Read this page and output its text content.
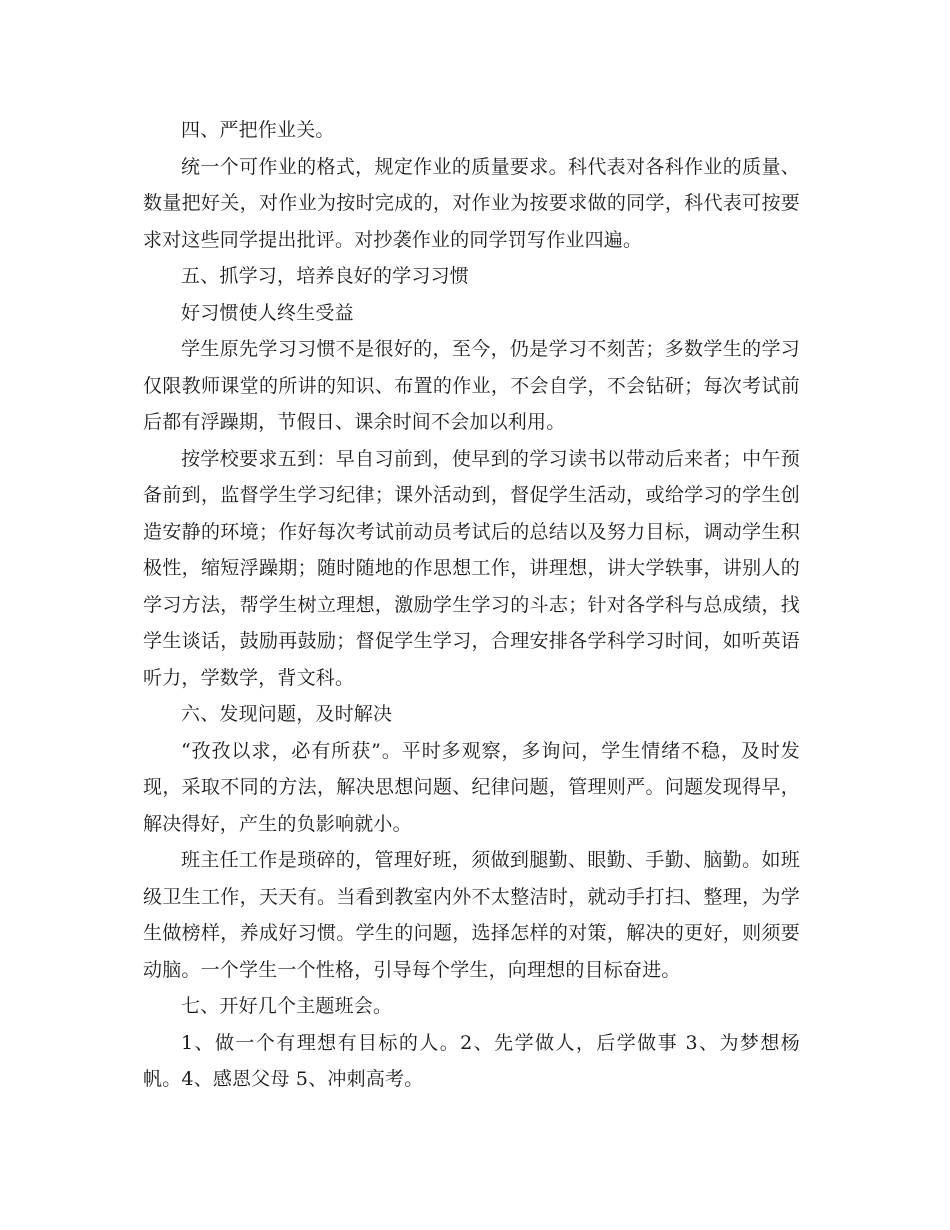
四、严把作业关。

统一个可作业的格式，规定作业的质量要求。科代表对各科作业的质量、数量把好关，对作业为按时完成的，对作业为按要求做的同学，科代表可按要求对这些同学提出批评。对抄袭作业的同学罚写作业四遍。

五、抓学习，培养良好的学习习惯

好习惯使人终生受益

学生原先学习习惯不是很好的，至今，仍是学习不刻苦；多数学生的学习仅限教师课堂的所讲的知识、布置的作业，不会自学，不会钻研；每次考试前后都有浮躁期，节假日、课余时间不会加以利用。

按学校要求五到：早自习前到，使早到的学习读书以带动后来者；中午预备前到，监督学生学习纪律；课外活动到，督促学生活动，或给学习的学生创造安静的环境；作好每次考试前动员考试后的总结以及努力目标，调动学生积极性，缩短浮躁期；随时随地的作思想工作，讲理想，讲大学轶事，讲别人的学习方法，帮学生树立理想，激励学生学习的斗志；针对各学科与总成绩，找学生谈话，鼓励再鼓励；督促学生学习，合理安排各学科学习时间，如听英语听力，学数学，背文科。

六、发现问题，及时解决

“孜孜以求，必有所获”。平时多观察，多询问，学生情绪不稳，及时发现，采取不同的方法，解决思想问题、纪律问题，管理则严。问题发现得早，解决得好，产生的负影响就小。

班主任工作是琐碎的，管理好班，须做到腿勤、眼勤、手勤、脑勤。如班级卫生工作，天天有。当看到教室内外不太整洁时，就动手打扫、整理，为学生做榜样，养成好习惯。学生的问题，选择怎样的对策，解决的更好，则须要动脑。一个学生一个性格，引导每个学生，向理想的目标奋进。

七、开好几个主题班会。

1、做一个有理想有目标的人。2、先学做人，后学做事 3、为梦想杨帆。4、感恩父母 5、冲刺高考。
